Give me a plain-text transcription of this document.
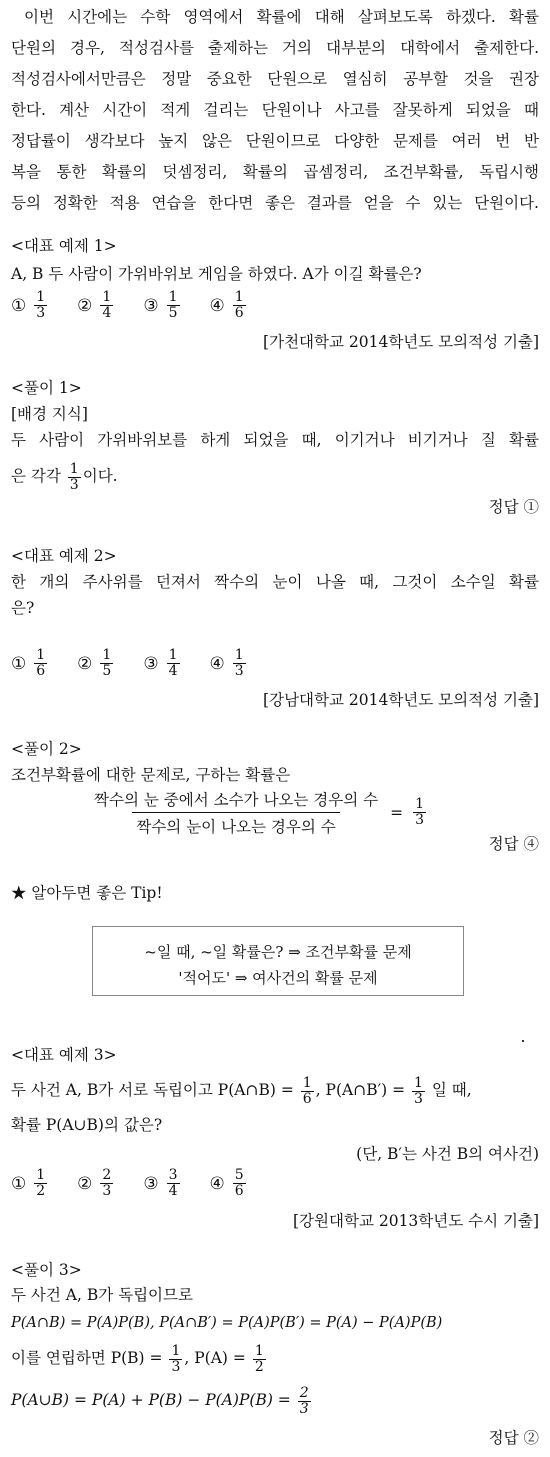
이번 시간에는 수학 영역에서 확률에 대해 살펴보도록 하겠다. 확률
단원의 경우, 적성검사를 출제하는 거의 대부분의 대학에서 출제한다.
적성검사에서만큼은 정말 중요한 단원으로 열심히 공부할 것을 권장
한다. 계산 시간이 적게 걸리는 단원이나 사고를 잘못하게 되었을 때
정답률이 생각보다 높지 않은 단원이므로 다양한 문제를 여러 번 반
복을 통한 확률의 덧셈정리, 확률의 곱셈정리, 조건부확률, 독립시행
등의 정확한 적용 연습을 한다면 좋은 결과를 얻을 수 있는 단원이다.
<대표 예제 1>
A, B 두 사람이 가위바위보 게임을 하였다. A가 이길 확률은?
① $\frac{1}{3}$ ② $\frac{1}{4}$ ③ $\frac{1}{5}$ ④ $\frac{1}{6}$
[가천대학교 2014학년도 모의적성 기출]
<풀이 1>
[배경 지식]
두 사람이 가위바위보를 하게 되었을 때, 이기거나 비기거나 질 확률
은 각각 $\frac{1}{3}$ 이다.
정답 ①
<대표 예제 2>
한 개의 주사위를 던져서 짝수의 눈이 나올 때, 그것이 소수일 확률
은?
① $\frac{1}{6}$ ② $\frac{1}{5}$ ③ $\frac{1}{4}$ ④ $\frac{1}{3}$
[강남대학교 2014학년도 모의적성 기출]
<풀이 2>
조건부확률에 대한 문제로, 구하는 확률은
$\frac{\text{짝수의 눈 중에서 소수가 나오는 경우의 수}}{\text{짝수의 눈이 나오는 경우의 수}} = \frac{1}{3}$
정답 ④
★ 알아두면 좋은 Tip!
~일 때, ~일 확률은? ⇒ 조건부확률 문제
'적어도' ⇒ 여사건의 확률 문제
<대표 예제 3>
두 사건 A, B가 서로 독립이고 P(A∩B) = $\frac{1}{6}$ , P(A∩B′) = $\frac{1}{3}$ 일 때,
확률 P(A∪B)의 값은?
(단, B′는 사건 B의 여사건)
① $\frac{1}{2}$ ② $\frac{2}{3}$ ③ $\frac{3}{4}$ ④ $\frac{5}{6}$
[강원대학교 2013학년도 수시 기출]
<풀이 3>
두 사건 A, B가 독립이므로
P(A∩B) = P(A)P(B), P(A∩B′) = P(A)P(B′) = P(A) − P(A)P(B)
이를 연립하면 $P(B) = \frac{1}{3}$ , $P(A) = \frac{1}{2}$
P(A∪B) = $P(A) + P(B) - P(A)P(B) = \frac{2}{3}$
정답 ②
